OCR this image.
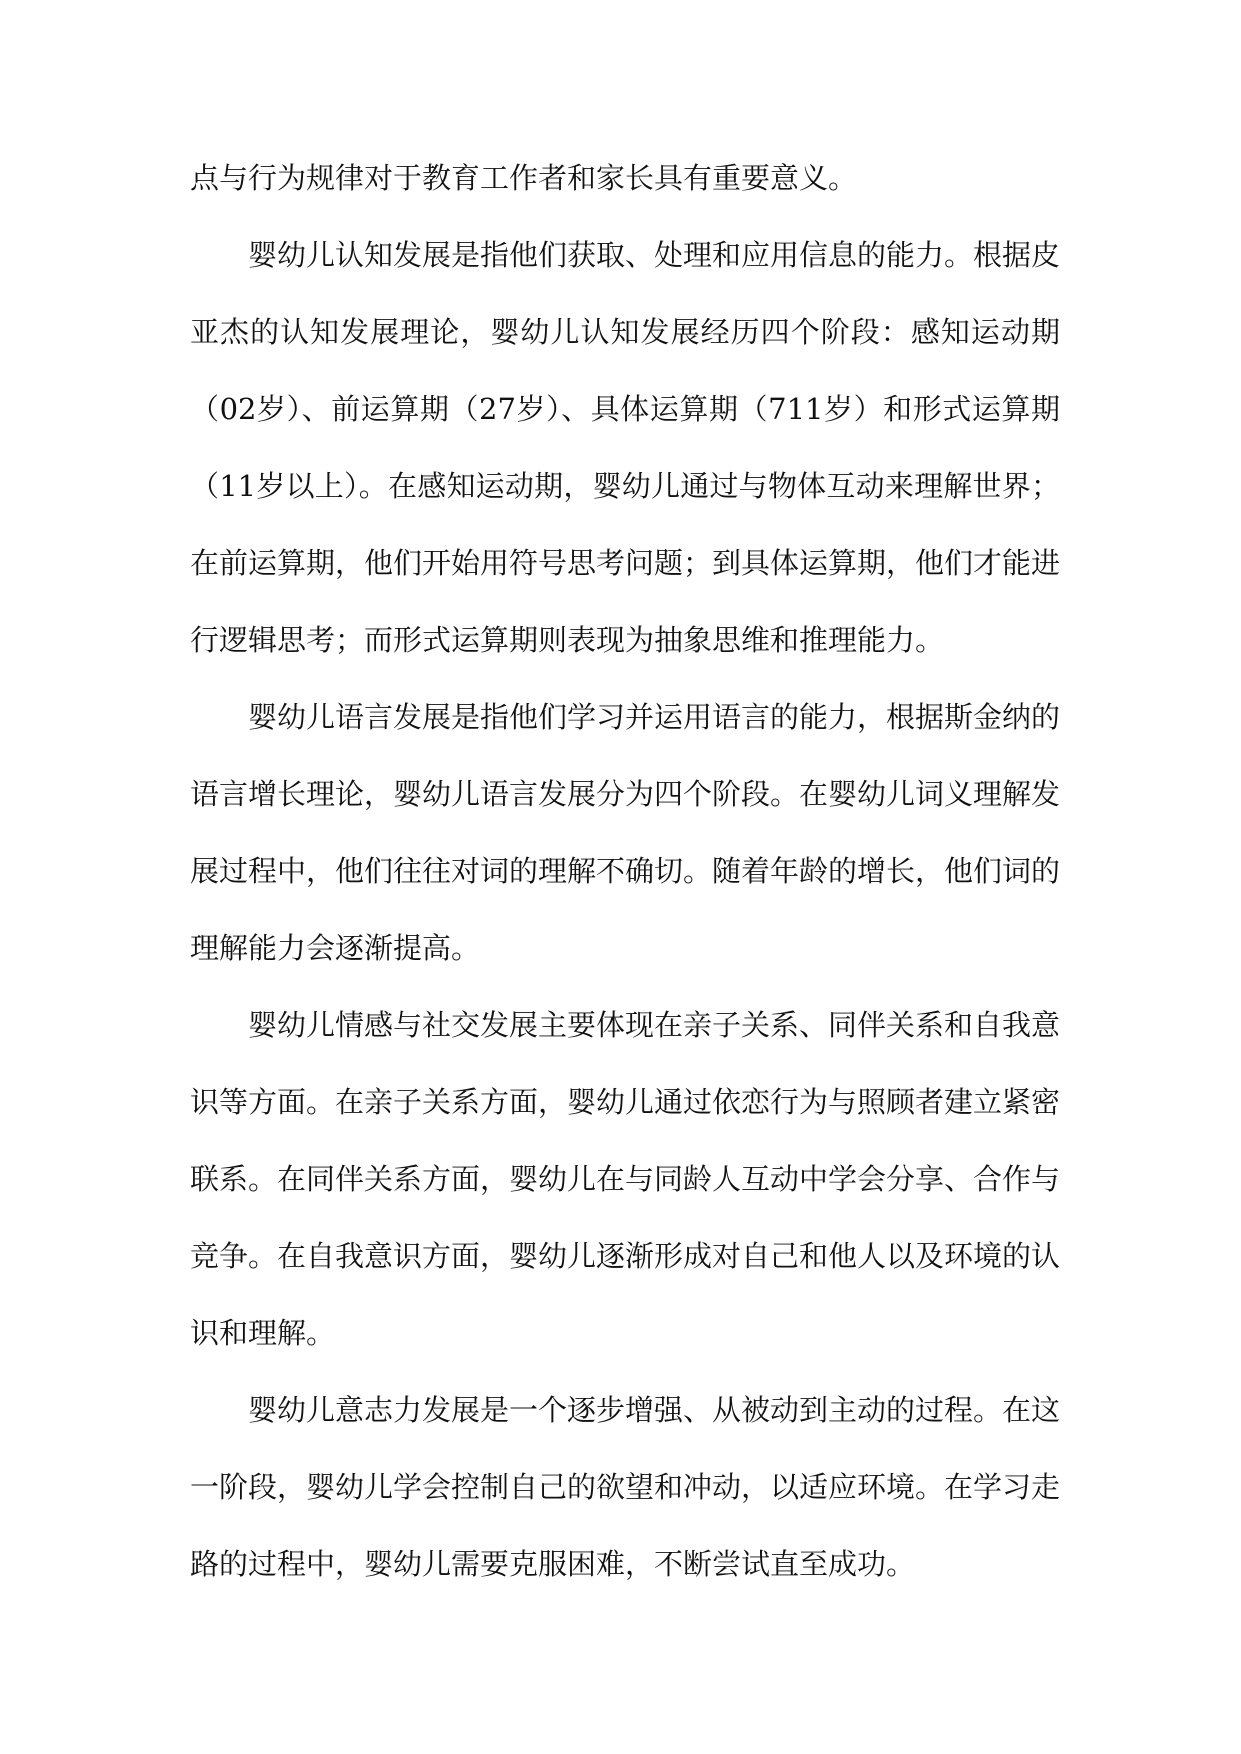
点与行为规律对于教育工作者和家长具有重要意义。

婴幼儿认知发展是指他们获取、处理和应用信息的能力。根据皮亚杰的认知发展理论，婴幼儿认知发展经历四个阶段：感知运动期（02岁）、前运算期（27岁）、具体运算期（711岁）和形式运算期（11岁以上）。在感知运动期，婴幼儿通过与物体互动来理解世界；在前运算期，他们开始用符号思考问题；到具体运算期，他们才能进行逻辑思考；而形式运算期则表现为抽象思维和推理能力。

婴幼儿语言发展是指他们学习并运用语言的能力，根据斯金纳的语言增长理论，婴幼儿语言发展分为四个阶段。在婴幼儿词义理解发展过程中，他们往往对词的理解不确切。随着年龄的增长，他们词的理解能力会逐渐提高。

婴幼儿情感与社交发展主要体现在亲子关系、同伴关系和自我意识等方面。在亲子关系方面，婴幼儿通过依恋行为与照顾者建立紧密联系。在同伴关系方面，婴幼儿在与同龄人互动中学会分享、合作与竞争。在自我意识方面，婴幼儿逐渐形成对自己和他人以及环境的认识和理解。

婴幼儿意志力发展是一个逐步增强、从被动到主动的过程。在这一阶段，婴幼儿学会控制自己的欲望和冲动，以适应环境。在学习走路的过程中，婴幼儿需要克服困难，不断尝试直至成功。
